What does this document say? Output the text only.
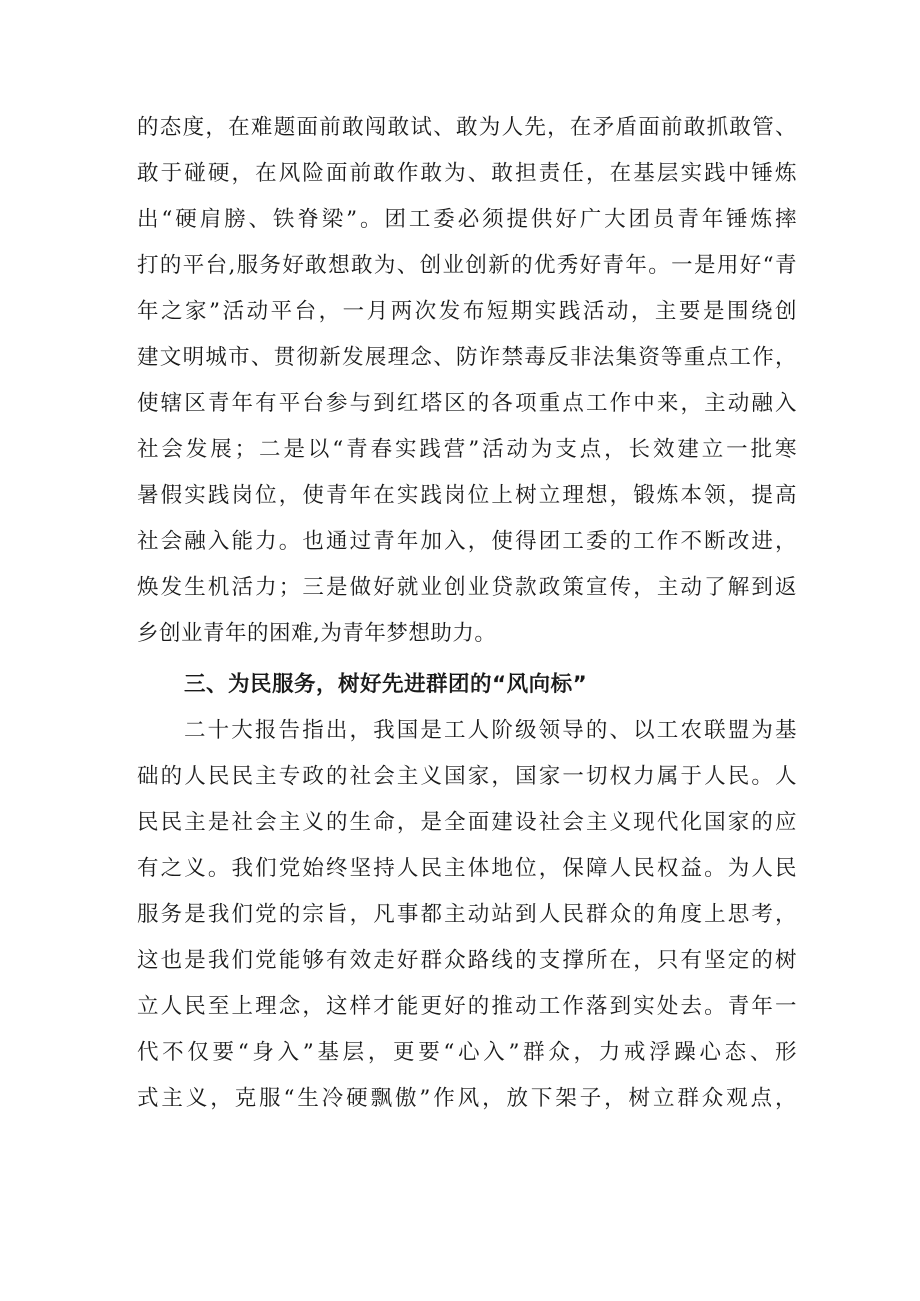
的态度，在难题面前敢闯敢试、敢为人先，在矛盾面前敢抓敢管、
敢于碰硬，在风险面前敢作敢为、敢担责任，在基层实践中锤炼
出“硬肩膀、铁脊梁”。团工委必须提供好广大团员青年锤炼摔
打的平台,服务好敢想敢为、创业创新的优秀好青年。一是用好“青
年之家”活动平台，一月两次发布短期实践活动，主要是围绕创
建文明城市、贯彻新发展理念、防诈禁毒反非法集资等重点工作，
使辖区青年有平台参与到红塔区的各项重点工作中来，主动融入
社会发展；二是以“青春实践营”活动为支点，长效建立一批寒
暑假实践岗位，使青年在实践岗位上树立理想，锻炼本领，提高
社会融入能力。也通过青年加入，使得团工委的工作不断改进，
焕发生机活力；三是做好就业创业贷款政策宣传，主动了解到返
乡创业青年的困难,为青年梦想助力。
三、为民服务，树好先进群团的“风向标”
二十大报告指出，我国是工人阶级领导的、以工农联盟为基
础的人民民主专政的社会主义国家，国家一切权力属于人民。人
民民主是社会主义的生命，是全面建设社会主义现代化国家的应
有之义。我们党始终坚持人民主体地位，保障人民权益。为人民
服务是我们党的宗旨，凡事都主动站到人民群众的角度上思考，
这也是我们党能够有效走好群众路线的支撑所在，只有坚定的树
立人民至上理念，这样才能更好的推动工作落到实处去。青年一
代不仅要“身入”基层，更要“心入”群众，力戒浮躁心态、形
式主义，克服“生冷硬飘傲”作风，放下架子，树立群众观点，
